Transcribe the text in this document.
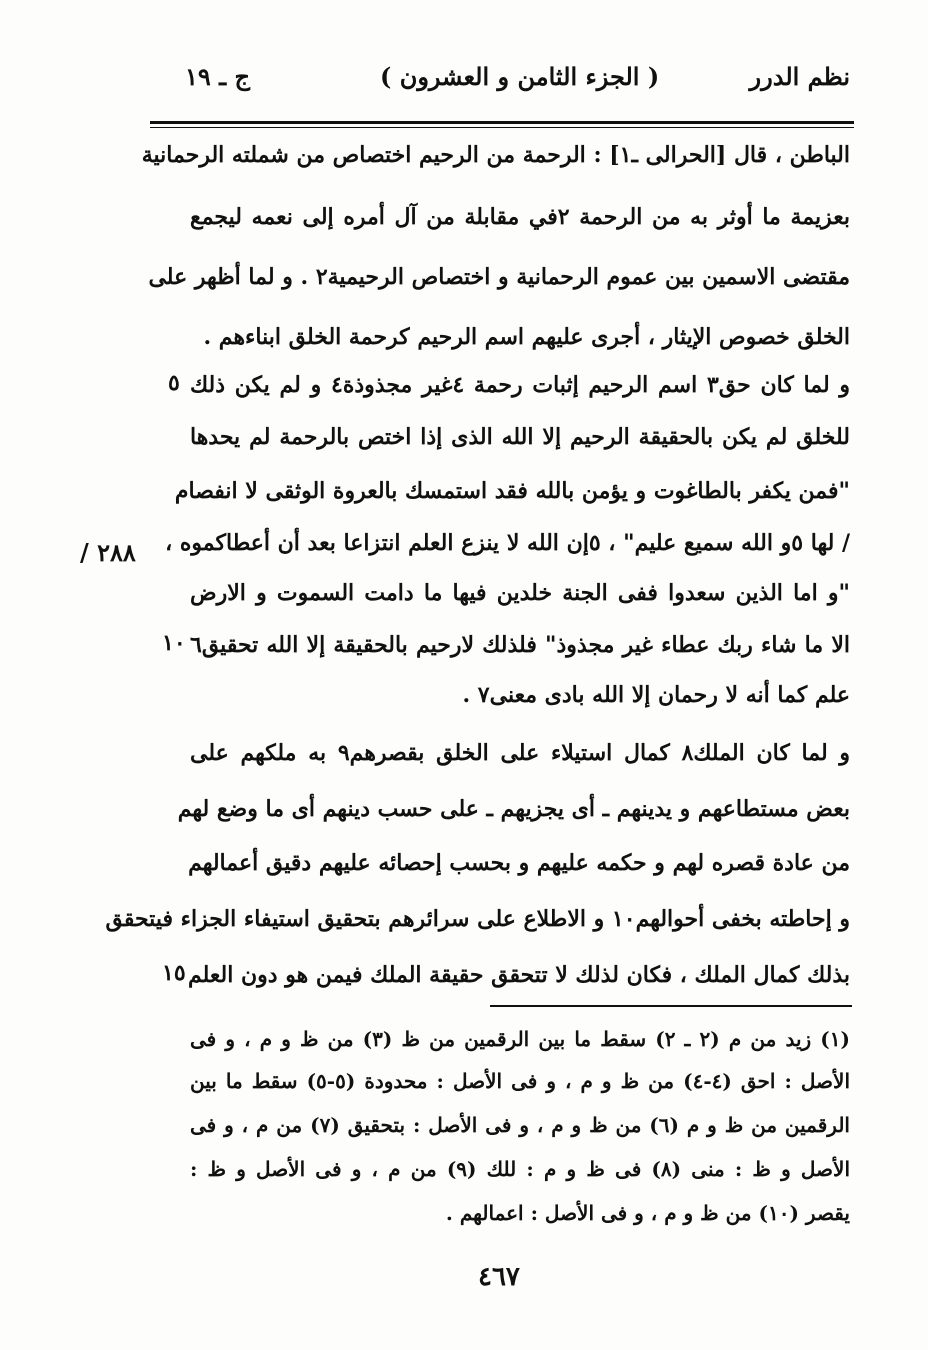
نظم الدرر
( الجزء الثامن و العشرون )
ج ـ ١٩
الباطن ، قال [الحرالى ـ١] : الرحمة من الرحيم اختصاص من شملته الرحمانية
بعزيمة ما أوثر به من الرحمة ٢في مقابلة من آل أمره إلى نعمه ليجمع
مقتضى الاسمين بين عموم الرحمانية و اختصاص الرحيمية٢ . و لما أظهر على
الخلق خصوص الإيثار ، أجرى عليهم اسم الرحيم كرحمة الخلق ابناءهم .
و لما كان حق٣ اسم الرحيم إثبات رحمة ٤غير مجذوذة٤ و لم يكن ذلك
للخلق لم يكن بالحقيقة الرحيم إلا الله الذى إذا اختص بالرحمة لم يحدها
"فمن يكفر بالطاغوت و يؤمن بالله فقد استمسك بالعروة الوثقى لا انفصام
/ لها ٥و الله سميع عليم" ، ٥إن الله لا ينزع العلم انتزاعا بعد أن أعطاكموه ،
"و اما الذين سعدوا ففى الجنة خلدين فيها ما دامت السموت و الارض
الا ما شاء ربك عطاء غير مجذوذ" فلذلك لارحيم بالحقيقة إلا الله تحقيق٦
علم كما أنه لا رحمان إلا الله بادى معنى٧ .
و لما كان الملك٨ كمال استيلاء على الخلق بقصرهم٩ به ملكهم على
بعض مستطاعهم و يدينهم ـ أى يجزيهم ـ على حسب دينهم أى ما وضع لهم
من عادة قصره لهم و حكمه عليهم و بحسب إحصائه عليهم دقيق أعمالهم
و إحاطته بخفى أحوالهم١٠ و الاطلاع على سرائرهم بتحقيق استيفاء الجزاء فيتحقق
بذلك كمال الملك ، فكان لذلك لا تتحقق حقيقة الملك فيمن هو دون العلم
٥
١٠
١٥
٢٨٨ /
(١) زيد من م (٢ ـ ٢) سقط ما بين الرقمين من ظ (٣) من ظ و م ، و فى
الأصل : احق (٤-٤) من ظ و م ، و فى الأصل : محدودة (٥-٥) سقط ما بين
الرقمين من ظ و م (٦) من ظ و م ، و فى الأصل : بتحقيق (٧) من م ، و فى
الأصل و ظ : منى (٨) فى ظ و م : للك (٩) من م ، و فى الأصل و ظ :
يقصر (١٠) من ظ و م ، و فى الأصل : اعمالهم .
٤٦٧
